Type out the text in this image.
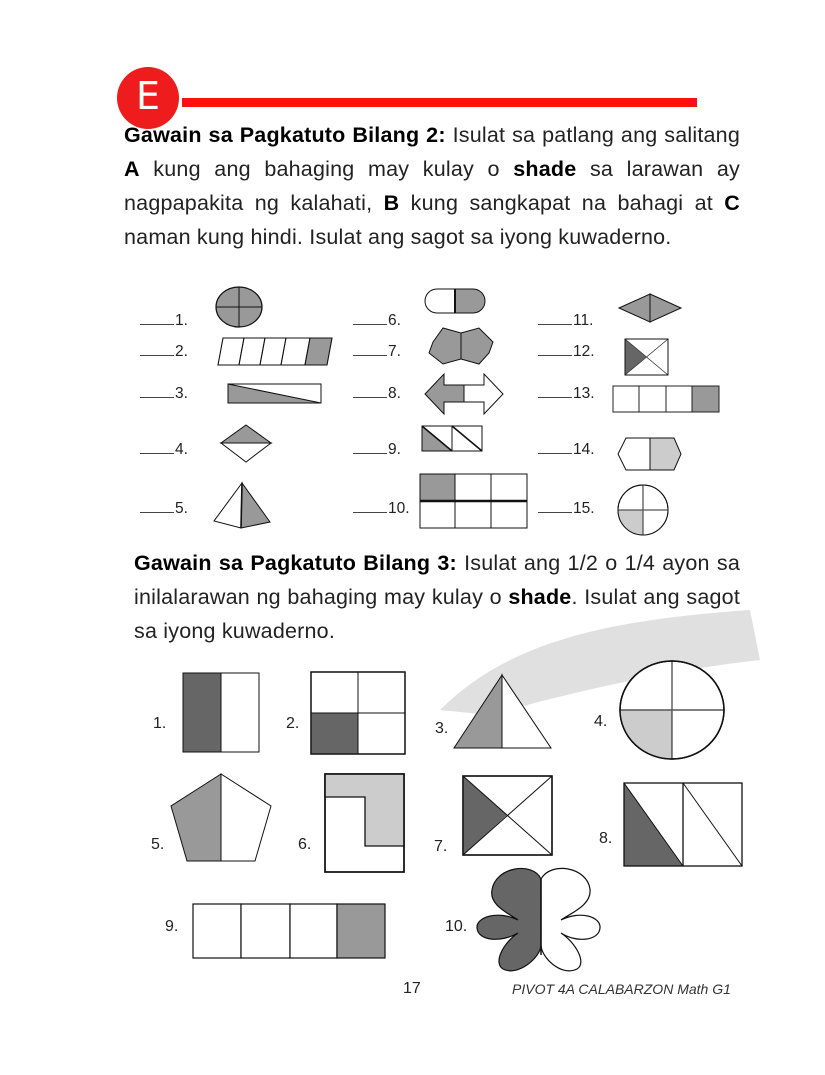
E
Gawain sa Pagkatuto Bilang 2: Isulat sa patlang ang salitang A kung ang bahaging may kulay o shade sa larawan ay nagpapakita ng kalahati, B kung sangkapat na bahagi at C naman kung hindi. Isulat ang sagot sa iyong kuwaderno.
1.
2.
3.
4.
5.
6.
7.
8.
9.
10.
11.
12.
13.
14.
15.
Gawain sa Pagkatuto Bilang 3: Isulat ang 1/2 o 1/4 ayon sa inilalarawan ng bahaging may kulay o shade. Isulat ang sagot sa iyong kuwaderno.
1.	2.	3.	4.
5.	6.	7.	8.
9.	10.
17	PIVOT 4A CALABARZON Math G1
